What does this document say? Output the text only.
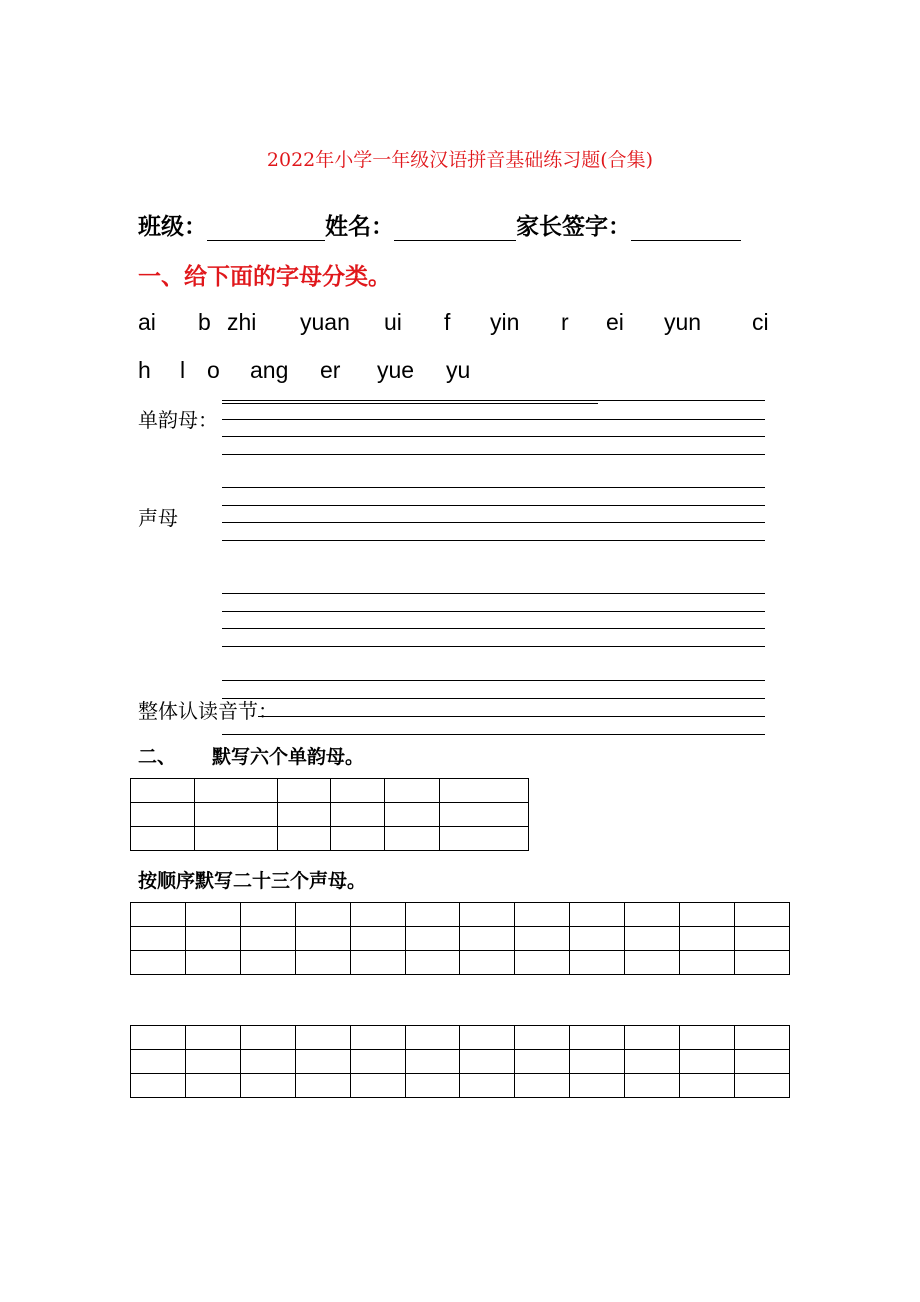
2022年小学一年级汉语拼音基础练习题(合集)
班级：	姓名：	家长签字：
一、给下面的字母分类。
ai b zhi yuan ui f yin r ei yun ci
h l o ang er yue yu
单韵母：
声母
整体认读音节：
二、 默写六个单韵母。

按顺序默写二十三个声母。
